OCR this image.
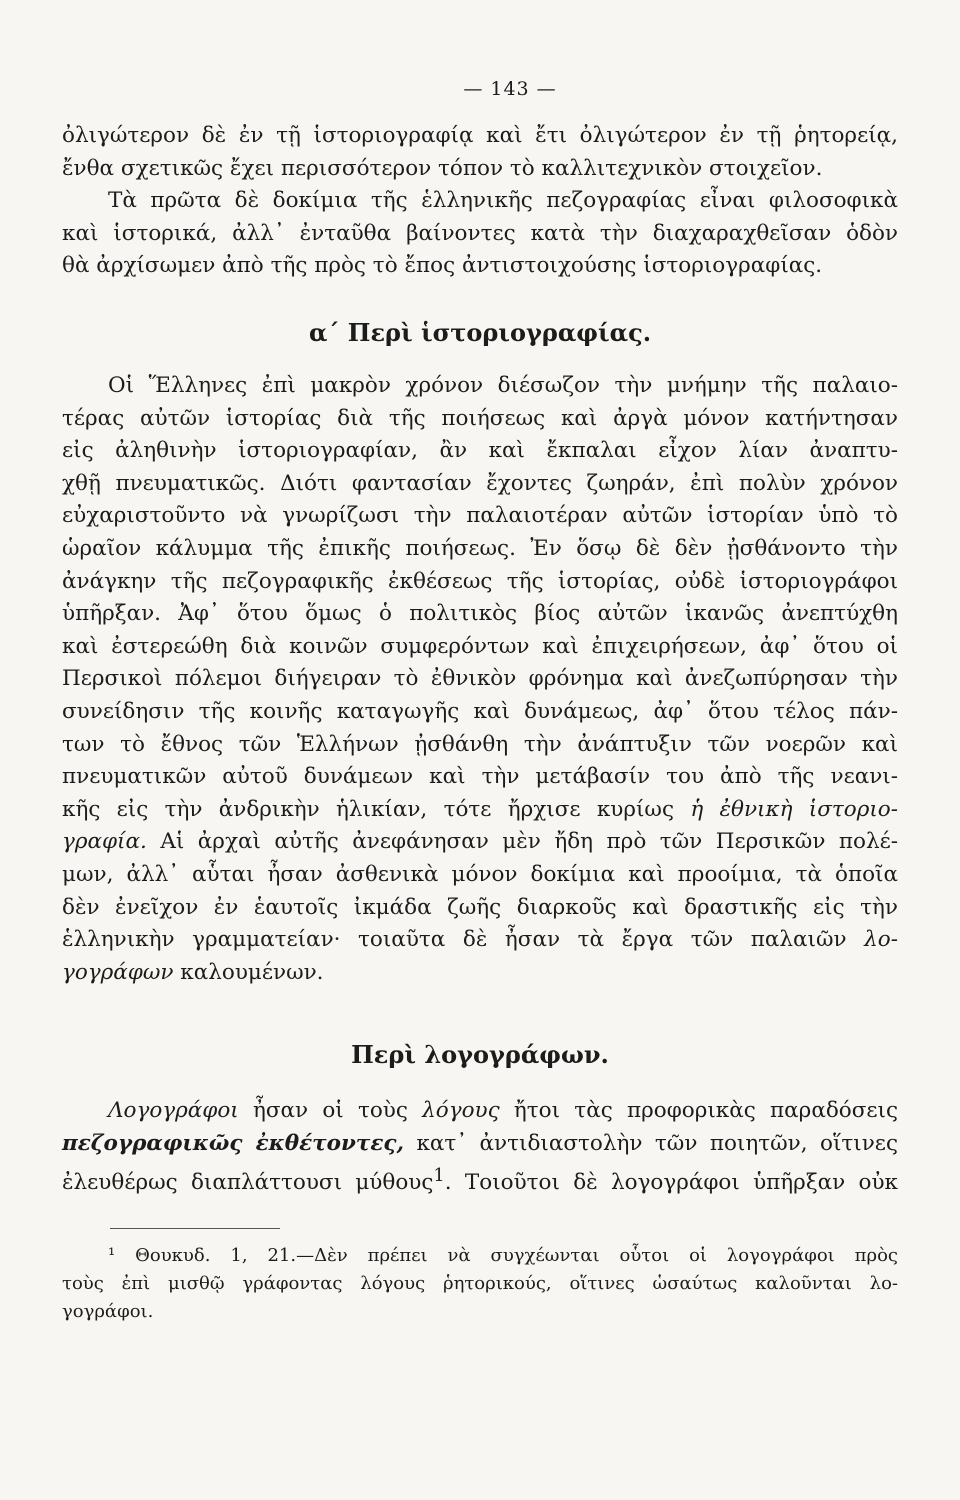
— 143 —
ὀλιγώτερον δὲ ἐν τῇ ἱστοριογραφίᾳ καὶ ἔτι ὀλιγώτερον ἐν τῇ ῥητορείᾳ,
ἔνθα σχετικῶς ἔχει περισσότερον τόπον τὸ καλλιτεχνικὸν στοιχεῖον.
Τὰ πρῶτα δὲ δοκίμια τῆς ἑλληνικῆς πεζογραφίας εἶναι φιλοσοφικὰ
καὶ ἱστορικά, ἀλλ᾽ ἐνταῦθα βαίνοντες κατὰ τὴν διαχαραχθεῖσαν ὁδὸν
θὰ ἀρχίσωμεν ἀπὸ τῆς πρὸς τὸ ἔπος ἀντιστοιχούσης ἱστοριογραφίας.
α΄ Περὶ ἱστοριογραφίας.
Οἱ Ἕλληνες ἐπὶ μακρὸν χρόνον διέσωζον τὴν μνήμην τῆς παλαιο-
τέρας αὐτῶν ἱστορίας διὰ τῆς ποιήσεως καὶ ἀργὰ μόνον κατήντησαν
εἰς ἀληθινὴν ἱστοριογραφίαν, ἂν καὶ ἔκπαλαι εἶχον λίαν ἀναπτυ-
χθῇ πνευματικῶς. Διότι φαντασίαν ἔχοντες ζωηράν, ἐπὶ πολὺν χρόνον
εὐχαριστοῦντο νὰ γνωρίζωσι τὴν παλαιοτέραν αὐτῶν ἱστορίαν ὑπὸ τὸ
ὡραῖον κάλυμμα τῆς ἐπικῆς ποιήσεως. Ἐν ὅσῳ δὲ δὲν ᾐσθάνοντο τὴν
ἀνάγκην τῆς πεζογραφικῆς ἐκθέσεως τῆς ἱστορίας, οὐδὲ ἱστοριογράφοι
ὑπῆρξαν. Ἀφ᾽ ὅτου ὅμως ὁ πολιτικὸς βίος αὐτῶν ἱκανῶς ἀνεπτύχθη
καὶ ἐστερεώθη διὰ κοινῶν συμφερόντων καὶ ἐπιχειρήσεων, ἀφ᾽ ὅτου οἱ
Περσικοὶ πόλεμοι διήγειραν τὸ ἐθνικὸν φρόνημα καὶ ἀνεζωπύρησαν τὴν
συνείδησιν τῆς κοινῆς καταγωγῆς καὶ δυνάμεως, ἀφ᾽ ὅτου τέλος πάν-
των τὸ ἔθνος τῶν Ἑλλήνων ᾐσθάνθη τὴν ἀνάπτυξιν τῶν νοερῶν καὶ
πνευματικῶν αὐτοῦ δυνάμεων καὶ τὴν μετάβασίν του ἀπὸ τῆς νεανι-
κῆς εἰς τὴν ἀνδρικὴν ἡλικίαν, τότε ἤρχισε κυρίως ἡ ἐθνικὴ ἱστοριο-
γραφία. Αἱ ἀρχαὶ αὐτῆς ἀνεφάνησαν μὲν ἤδη πρὸ τῶν Περσικῶν πολέ-
μων, ἀλλ᾽ αὗται ἦσαν ἀσθενικὰ μόνον δοκίμια καὶ προοίμια, τὰ ὁποῖα
δὲν ἐνεῖχον ἐν ἑαυτοῖς ἰκμάδα ζωῆς διαρκοῦς καὶ δραστικῆς εἰς τὴν
ἑλληνικὴν γραμματείαν· τοιαῦτα δὲ ἦσαν τὰ ἔργα τῶν παλαιῶν λο-
γογράφων καλουμένων.
Περὶ λογογράφων.
Λογογράφοι ἦσαν οἱ τοὺς λόγους ἤτοι τὰς προφορικὰς παραδόσεις
πεζογραφικῶς ἐκθέτοντες, κατ᾽ ἀντιδιαστολὴν τῶν ποιητῶν, οἵτινες
ἐλευθέρως διαπλάττουσι μύθους$^1$. Τοιοῦτοι δὲ λογογράφοι ὑπῆρξαν οὐκ
¹ Θουκυδ. 1, 21.—Δὲν πρέπει νὰ συγχέωνται οὗτοι οἱ λογογράφοι πρὸς
τοὺς ἐπὶ μισθῷ γράφοντας λόγους ῥητορικούς, οἵτινες ὡσαύτως καλοῦνται λο-
γογράφοι.
